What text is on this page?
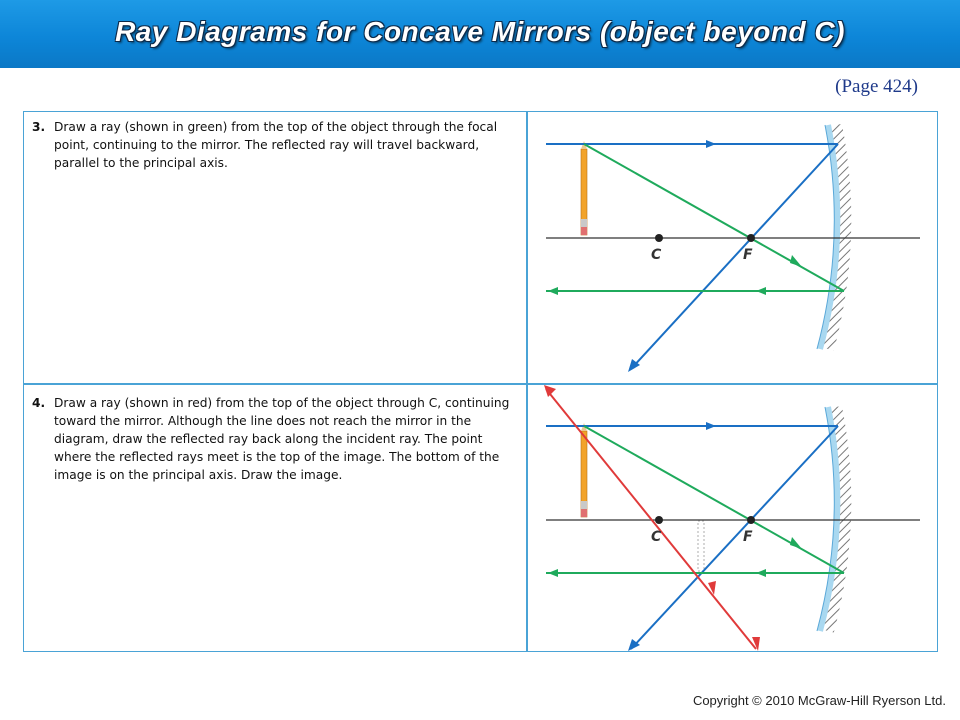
Ray Diagrams for Concave Mirrors (object beyond C)
(Page 424)
3. Draw a ray (shown in green) from the top of the object through the focal point, continuing to the mirror. The reflected ray will travel backward, parallel to the principal axis.
4. Draw a ray (shown in red) from the top of the object through C, continuing toward the mirror. Although the line does not reach the mirror in the diagram, draw the reflected ray back along the incident ray. The point where the reflected rays meet is the top of the image. The bottom of the image is on the principal axis. Draw the image.
C	F
C	F
Copyright © 2010 McGraw-Hill Ryerson Ltd.
